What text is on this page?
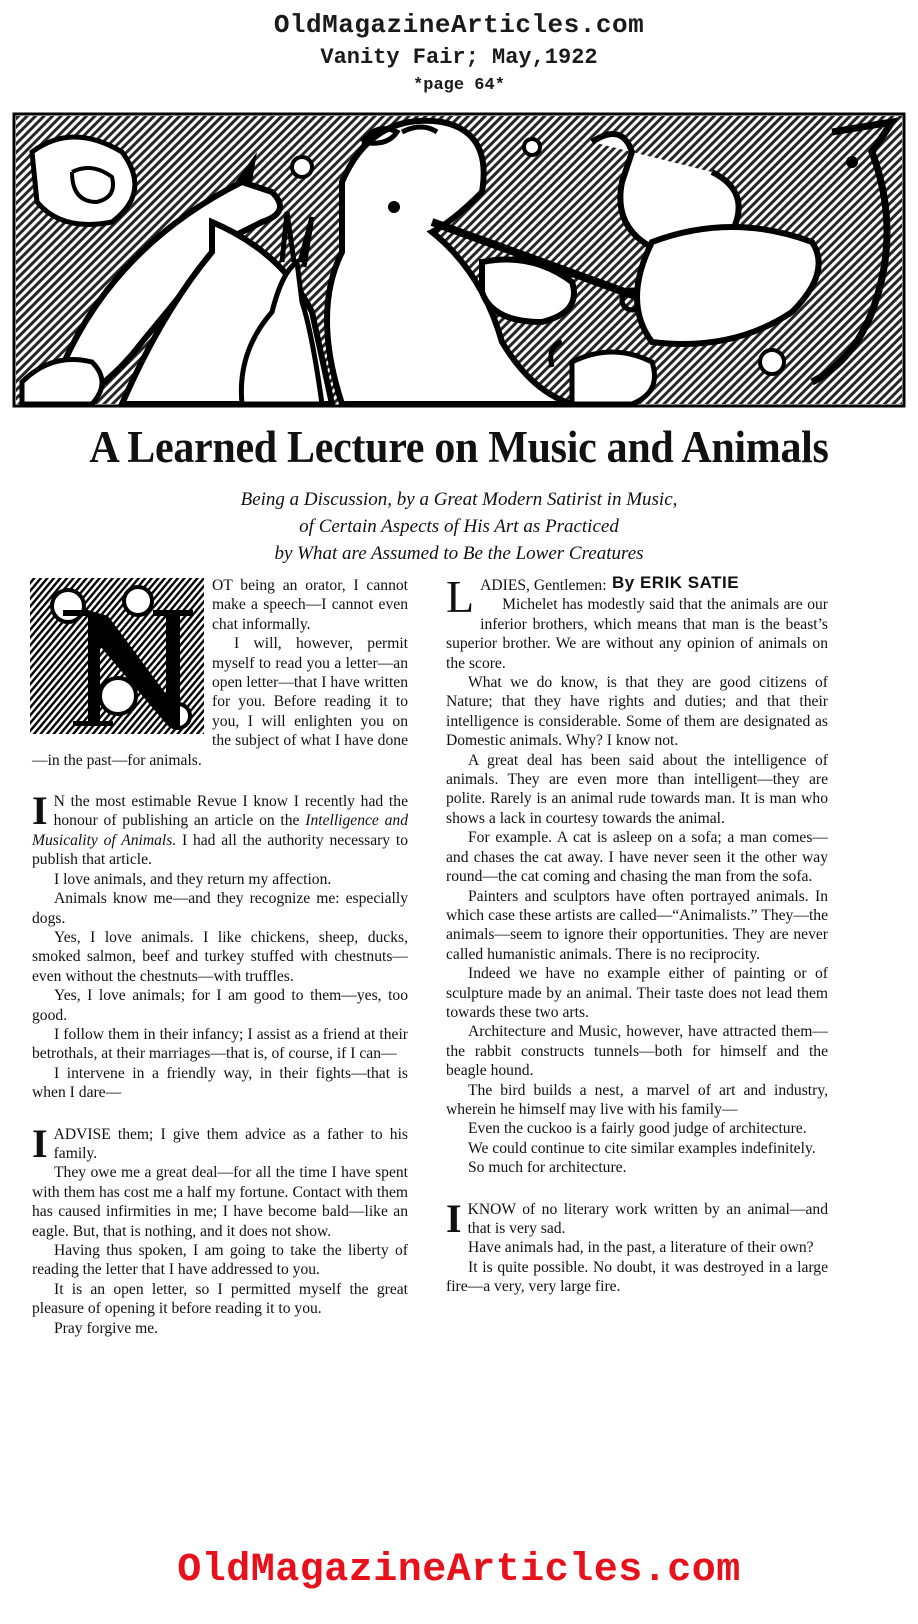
OldMagazineArticles.com
Vanity Fair; May,1922
*page 64*
A Learned Lecture on Music and Animals
Being a Discussion, by a Great Modern Satirist in Music,
of Certain Aspects of His Art as Practiced
by What are Assumed to Be the Lower Creatures
By ERIK SATIE

OT being an orator, I cannot make a speech—I cannot even chat informally.

I will, however, permit myself to read you a letter—an open letter—that I have written for you. Before reading it to you, I will enlighten you on the subject of what I have done—in the past—for animals.

I N the most estimable Revue I know I recently had the honour of publishing an article on the Intelligence and Musicality of Animals. I had all the authority necessary to publish that article.

I love animals, and they return my affection.

Animals know me—and they recognize me: especially dogs.

Yes, I love animals. I like chickens, sheep, ducks, smoked salmon, beef and turkey stuffed with chestnuts—even without the chestnuts—with truffles.

Yes, I love animals; for I am good to them—yes, too good.

I follow them in their infancy; I assist as a friend at their betrothals, at their marriages—that is, of course, if I can—

I intervene in a friendly way, in their fights—that is when I dare—

IADVISE them; I give them advice as a father to his family.

They owe me a great deal—for all the time I have spent with them has cost me a half my fortune. Contact with them has caused infirmities in me; I have become bald—like an eagle. But, that is nothing, and it does not show.

Having thus spoken, I am going to take the liberty of reading the letter that I have addressed to you.

It is an open letter, so I permitted myself the great pleasure of opening it before reading it to you.

Pray forgive me.

LADIES, Gentlemen:

Michelet has modestly said that the animals are our inferior brothers, which means that man is the beast’s superior brother. We are without any opinion of animals on the score.

What we do know, is that they are good citizens of Nature; that they have rights and duties; and that their intelligence is considerable. Some of them are designated as Domestic animals. Why? I know not.

A great deal has been said about the intelligence of animals. They are even more than intelligent—they are polite. Rarely is an animal rude towards man. It is man who shows a lack in courtesy towards the animal.

For example. A cat is asleep on a sofa; a man comes—and chases the cat away. I have never seen it the other way round—the cat coming and chasing the man from the sofa.

Painters and sculptors have often portrayed animals. In which case these artists are called—“Animalists.” They—the animals—seem to ignore their opportunities. They are never called humanistic animals. There is no reciprocity.

Indeed we have no example either of painting or of sculpture made by an animal. Their taste does not lead them towards these two arts.

Architecture and Music, however, have attracted them—the rabbit constructs tunnels—both for himself and the beagle hound.

The bird builds a nest, a marvel of art and industry, wherein he himself may live with his family—

Even the cuckoo is a fairly good judge of architecture.

We could continue to cite similar examples indefinitely.

So much for architecture.

IKNOW of no literary work written by an animal—and that is very sad.

Have animals had, in the past, a literature of their own?

It is quite possible. No doubt, it was destroyed in a large fire—a very, very large fire.

OldMagazineArticles.com
